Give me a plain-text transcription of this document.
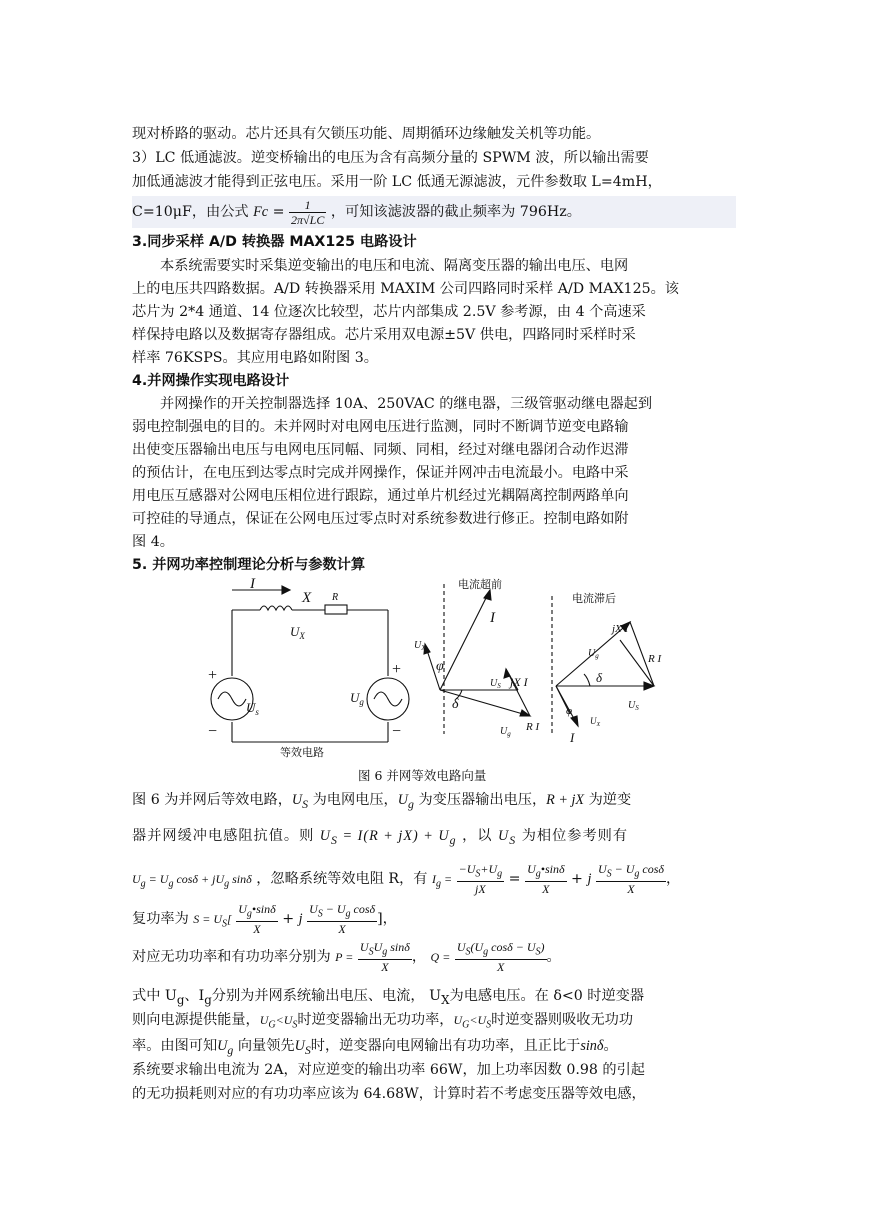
现对桥路的驱动。芯片还具有欠锁压功能、周期循环边缘触发关机等功能。
3）LC 低通滤波。逆变桥输出的电压为含有高频分量的 SPWM 波，所以输出需要
加低通滤波才能得到正弦电压。采用一阶 LC 低通无源滤波，元件参数取 L=4mH，
C=10μF，由公式 $Fc = \frac{1}{2\pi√LC}$ ，可知该滤波器的截止频率为 796Hz。
3.同步采样 A/D 转换器 MAX125 电路设计
本系统需要实时采集逆变输出的电压和电流、隔离变压器的输出电压、电网
上的电压共四路数据。A/D 转换器采用 MAXIM 公司四路同时采样 A/D MAX125。该
芯片为 2*4 通道、14 位逐次比较型，芯片内部集成 2.5V 参考源，由 4 个高速采
样保持电路以及数据寄存器组成。芯片采用双电源±5V 供电，四路同时采样时采
样率 76KSPS。其应用电路如附图 3。
4.并网操作实现电路设计
并网操作的开关控制器选择 10A、250VAC 的继电器，三级管驱动继电器起到
弱电控制强电的目的。未并网时对电网电压进行监测，同时不断调节逆变电路输
出使变压器输出电压与电网电压同幅、同频、同相，经过对继电器闭合动作迟滞
的预估计，在电压到达零点时完成并网操作，保证并网冲击电流最小。电路中采
用电压互感器对公网电压相位进行跟踪，通过单片机经过光耦隔离控制两路单向
可控硅的导通点，保证在公网电压过零点时对系统参数进行修正。控制电路如附
图 4。
5. 并网功率控制理论分析与参数计算
I
X R
$U_X$
$U_s$
$U_g$
+
−
+
−
I
$U_X$
φ
δ
$U_S$ jX I
$U_g$
R I
jX I
$U_g$	R I
δ
$U_S$
I
$U_X$
φ
等效电路
电流超前
电流滞后
图 6 并网等效电路向量
图 6 为并网后等效电路，$U_S$ 为电网电压，$U_g$ 为变压器输出电压，R + jX 为逆变
器并网缓冲电感阻抗值。则 $U_S = I(R + jX) + U_g$ ，以 $U_S$ 为相位参考则有
$U_g = U_g$ $\cos\delta + jU_g$ sinδ ，忽略系统等效电阻 R，有 $I_g = \frac{-U_S+U_g}{jX} = \frac{U_g•\sin\delta}{X} + j \frac{U_S - U_g \cos\delta}{X}$ ，
复功率为 $S = U_S[ \frac{U_g•\sin\delta}{X} + j \frac{U_S - U_g \cos\delta}{X}$ ]，
对应无功功率和有功功率分别为 $P = \frac{U_SU_g \sin\delta}{X}$ ， $Q = \frac{U_S(U_g \cos\delta - U_S)}{X}$ 。
式中 $U_g$、$I_g$分别为并网系统输出电压、电流， $U_X$为电感电压。在 δ<0 时逆变器
则向电源提供能量，$U_G<U_S$时逆变器输出无功功率，$U_G<U_S$时逆变器则吸收无功功
率。由图可知$U_g$ 向量领先$U_S$时，逆变器向电网输出有功功率，且正比于sinδ。
系统要求输出电流为 2A，对应逆变的输出功率 66W，加上功率因数 0.98 的引起
的无功损耗则对应的有功功率应该为 64.68W，计算时若不考虑变压器等效电感，
